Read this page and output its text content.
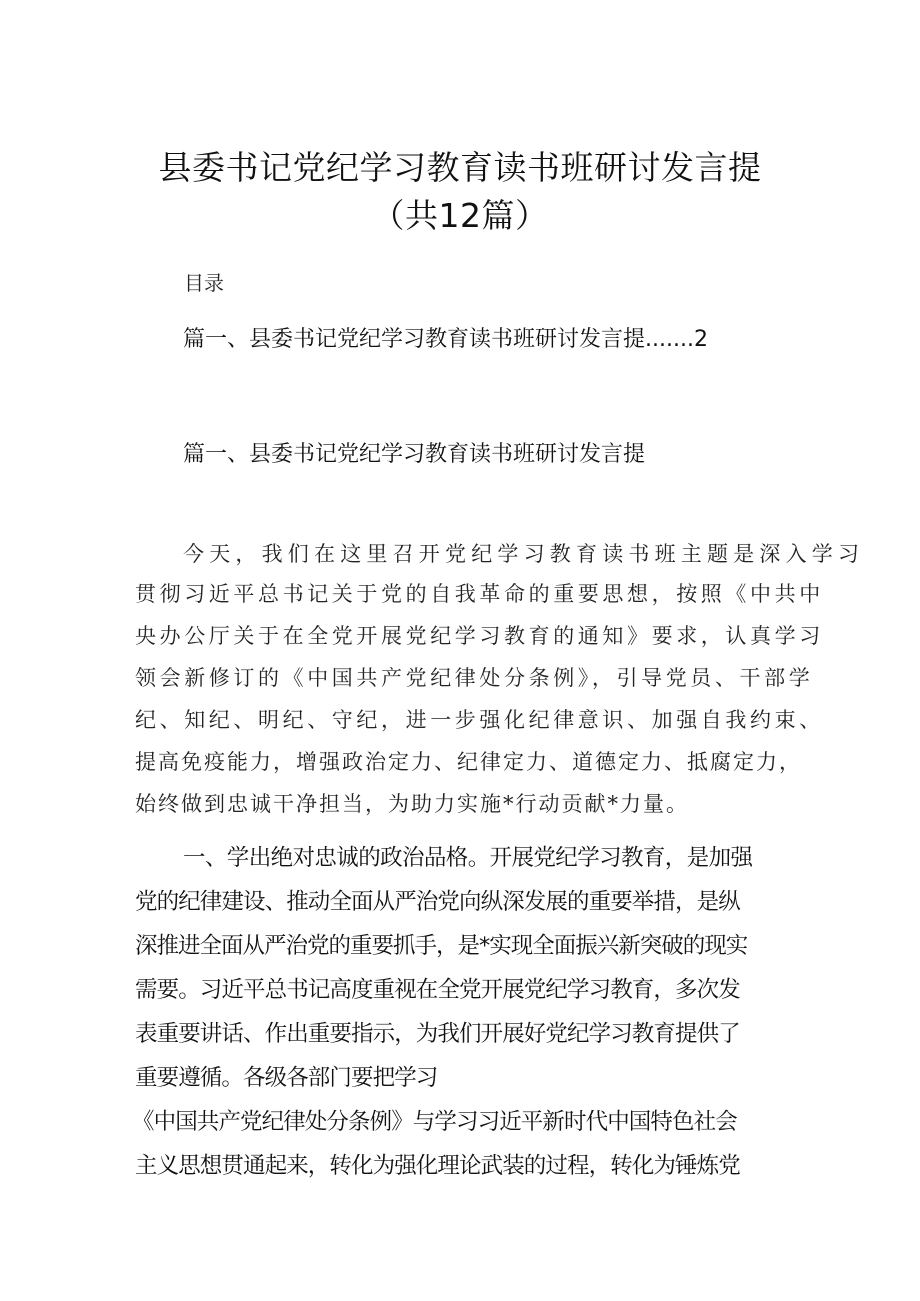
县委书记党纪学习教育读书班研讨发言提
（共12篇）
目录
篇一、县委书记党纪学习教育读书班研讨发言提.......2
篇一、县委书记党纪学习教育读书班研讨发言提
今天，我们在这里召开党纪学习教育读书班主题是深入学习
贯彻习近平总书记关于党的自我革命的重要思想，按照《中共中
央办公厅关于在全党开展党纪学习教育的通知》要求，认真学习
领会新修订的《中国共产党纪律处分条例》，引导党员、干部学
纪、知纪、明纪、守纪，进一步强化纪律意识、加强自我约束、
提高免疫能力，增强政治定力、纪律定力、道德定力、抵腐定力，
始终做到忠诚干净担当，为助力实施*行动贡献*力量。
一、学出绝对忠诚的政治品格。开展党纪学习教育，是加强
党的纪律建设、推动全面从严治党向纵深发展的重要举措，是纵
深推进全面从严治党的重要抓手，是*实现全面振兴新突破的现实
需要。习近平总书记高度重视在全党开展党纪学习教育，多次发
表重要讲话、作出重要指示，为我们开展好党纪学习教育提供了
重要遵循。各级各部门要把学习
《中国共产党纪律处分条例》与学习习近平新时代中国特色社会
主义思想贯通起来，转化为强化理论武装的过程，转化为锤炼党
